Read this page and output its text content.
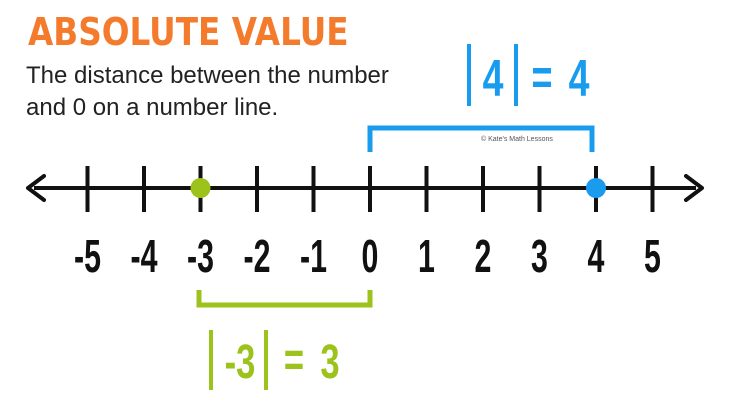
ABSOLUTE VALUE
The distance between the number
and 0 on a number line.
© Kate's Math Lessons
4 = 4
-5 -4 -3 -2 -1 0 1 2 3 4 5
-3 = 3
